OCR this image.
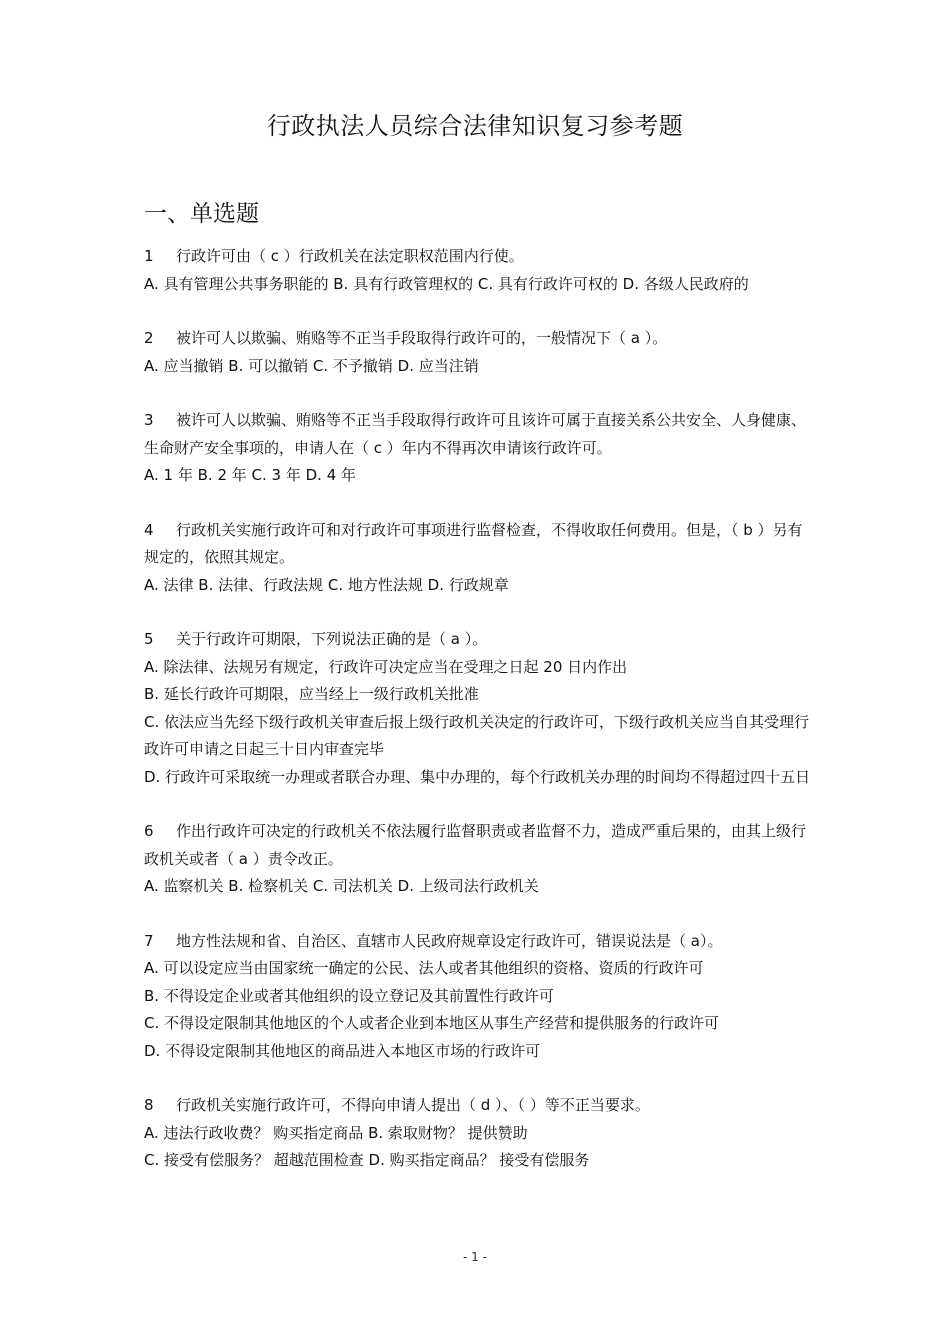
行政执法人员综合法律知识复习参考题
一、单选题
1 行政许可由（ c ）行政机关在法定职权范围内行使。
A. 具有管理公共事务职能的 B. 具有行政管理权的 C. 具有行政许可权的 D. 各级人民政府的
2 被许可人以欺骗、贿赂等不正当手段取得行政许可的，一般情况下（ a ）。
A. 应当撤销 B. 可以撤销 C. 不予撤销 D. 应当注销
3 被许可人以欺骗、贿赂等不正当手段取得行政许可且该许可属于直接关系公共安全、人身健康、生命财产安全事项的，申请人在（ c ）年内不得再次申请该行政许可。
A. 1 年 B. 2 年 C. 3 年 D. 4 年
4 行政机关实施行政许可和对行政许可事项进行监督检查，不得收取任何费用。但是，（ b ）另有规定的，依照其规定。
A. 法律 B. 法律、行政法规 C. 地方性法规 D. 行政规章
5 关于行政许可期限，下列说法正确的是（ a ）。
A. 除法律、法规另有规定，行政许可决定应当在受理之日起 20 日内作出
B. 延长行政许可期限，应当经上一级行政机关批准
C. 依法应当先经下级行政机关审查后报上级行政机关决定的行政许可，下级行政机关应当自其受理行政许可申请之日起三十日内审查完毕
D. 行政许可采取统一办理或者联合办理、集中办理的，每个行政机关办理的时间均不得超过四十五日
6 作出行政许可决定的行政机关不依法履行监督职责或者监督不力，造成严重后果的，由其上级行政机关或者（ a ）责令改正。
A. 监察机关 B. 检察机关 C. 司法机关 D. 上级司法行政机关
7 地方性法规和省、自治区、直辖市人民政府规章设定行政许可，错误说法是（ a）。
A. 可以设定应当由国家统一确定的公民、法人或者其他组织的资格、资质的行政许可
B. 不得设定企业或者其他组织的设立登记及其前置性行政许可
C. 不得设定限制其他地区的个人或者企业到本地区从事生产经营和提供服务的行政许可
D. 不得设定限制其他地区的商品进入本地区市场的行政许可
8 行政机关实施行政许可，不得向申请人提出（ d ）、（ ）等不正当要求。
A. 违法行政收费？ 购买指定商品 B. 索取财物？ 提供赞助
C. 接受有偿服务？ 超越范围检查 D. 购买指定商品？ 接受有偿服务
- 1 -
